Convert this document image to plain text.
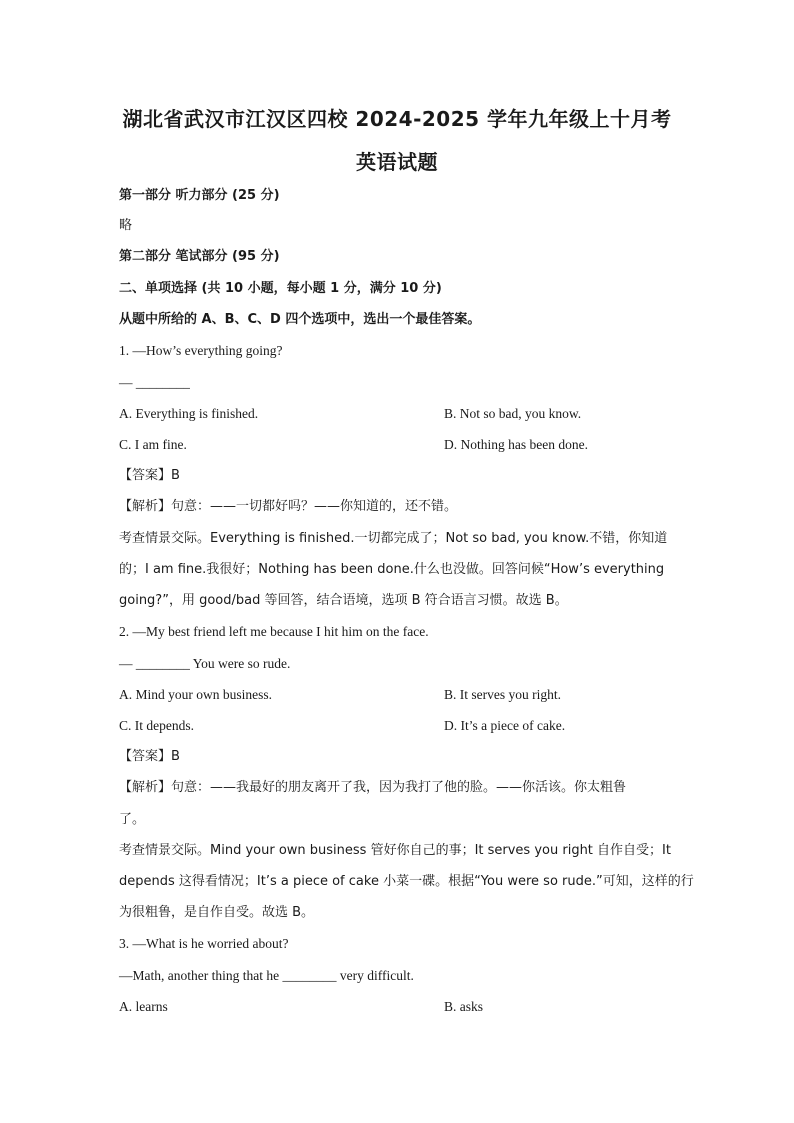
湖北省武汉市江汉区四校 2024-2025 学年九年级上十月考
英语试题
第一部分 听力部分 (25 分)
略
第二部分 笔试部分 (95 分)
二、单项选择 (共 10 小题，每小题 1 分，满分 10 分)
从题中所给的 A、B、C、D 四个选项中，选出一个最佳答案。
1. —How’s everything going?
— ________
A. Everything is finished.	B. Not so bad, you know.
C. I am fine.	D. Nothing has been done.
【答案】B
【解析】句意：——一切都好吗？——你知道的，还不错。
考查情景交际。Everything is finished.一切都完成了；Not so bad, you know.不错，你知道
的；I am fine.我很好；Nothing has been done.什么也没做。回答问候“How’s everything
going?”，用 good/bad 等回答，结合语境，选项 B 符合语言习惯。故选 B。
2. —My best friend left me because I hit him on the face.
— ________ You were so rude.
A. Mind your own business.	B. It serves you right.
C. It depends.	D. It’s a piece of cake.
【答案】B
【解析】句意：——我最好的朋友离开了我，因为我打了他的脸。——你活该。你太粗鲁
了。
考查情景交际。Mind your own business 管好你自己的事；It serves you right 自作自受；It
depends 这得看情况；It’s a piece of cake 小菜一碟。根据“You were so rude.”可知，这样的行
为很粗鲁，是自作自受。故选 B。
3. —What is he worried about?
—Math, another thing that he ________ very difficult.
A. learns	B. asks
